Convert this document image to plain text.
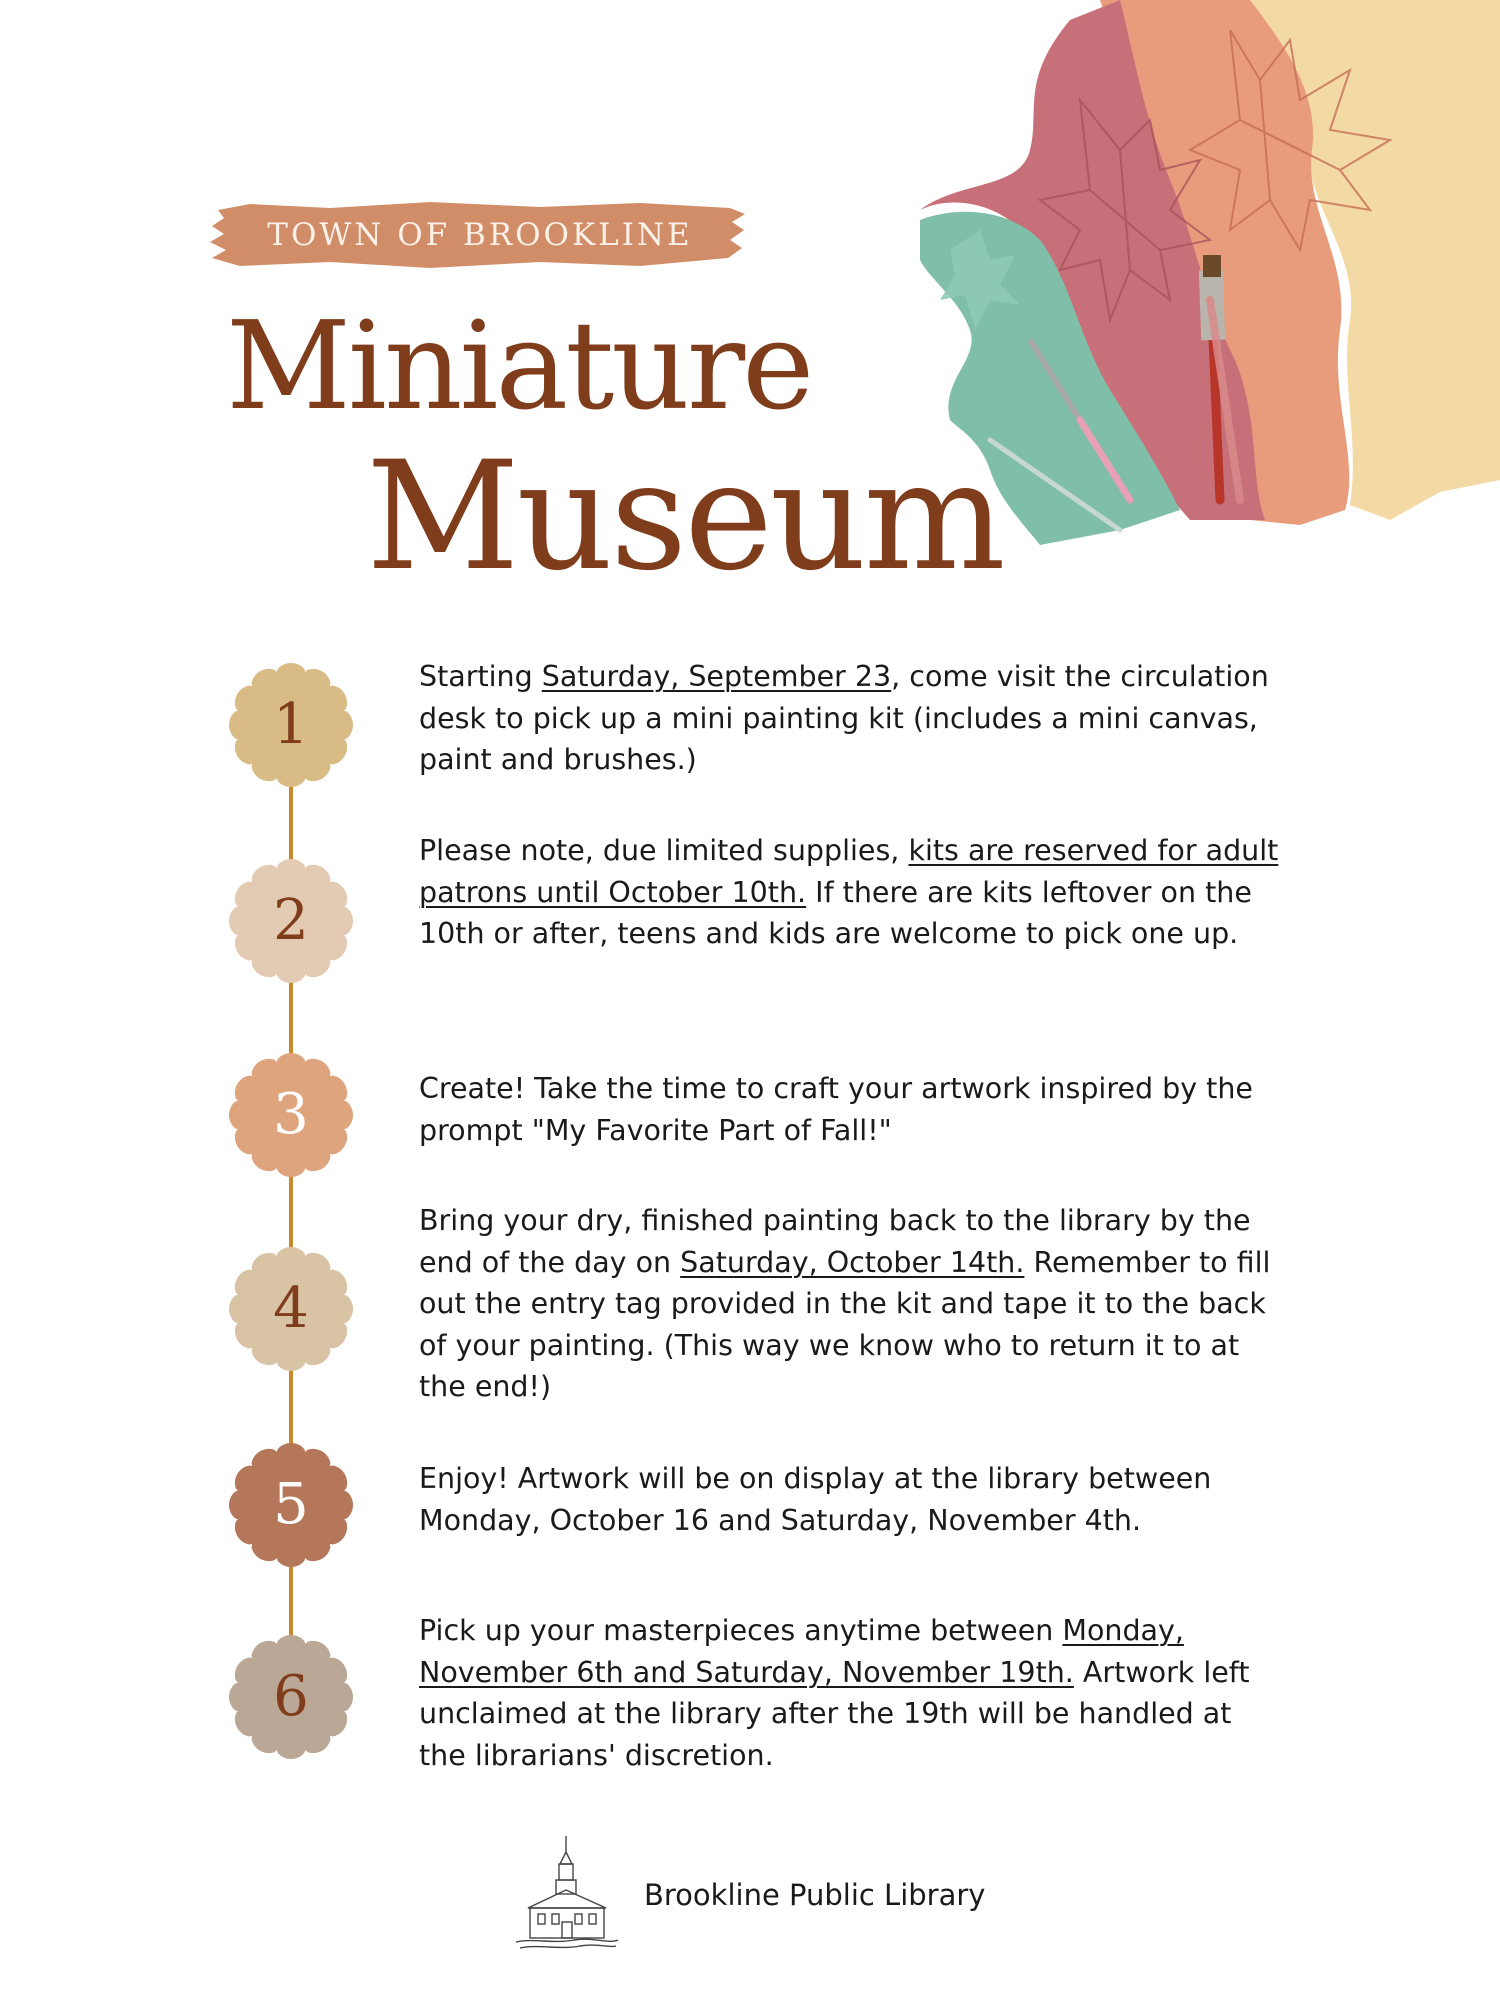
TOWN OF BROOKLINE
Miniature
Museum
1
Starting Saturday, September 23, come visit the circulation desk to pick up a mini painting kit (includes a mini canvas, paint and brushes.)
2
Please note, due limited supplies, kits are reserved for adult patrons until October 10th. If there are kits leftover on the 10th or after, teens and kids are welcome to pick one up.
3	Create! Take the time to craft your artwork inspired by the prompt "My Favorite Part of Fall!"
4
Bring your dry, finished painting back to the library by the end of the day on Saturday, October 14th. Remember to fill out the entry tag provided in the kit and tape it to the back of your painting. (This way we know who to return it to at the end!)
5	Enjoy! Artwork will be on display at the library between Monday, October 16 and Saturday, November 4th.
6
Pick up your masterpieces anytime between Monday, November 6th and Saturday, November 19th. Artwork left unclaimed at the library after the 19th will be handled at the librarians' discretion.
Brookline Public Library
